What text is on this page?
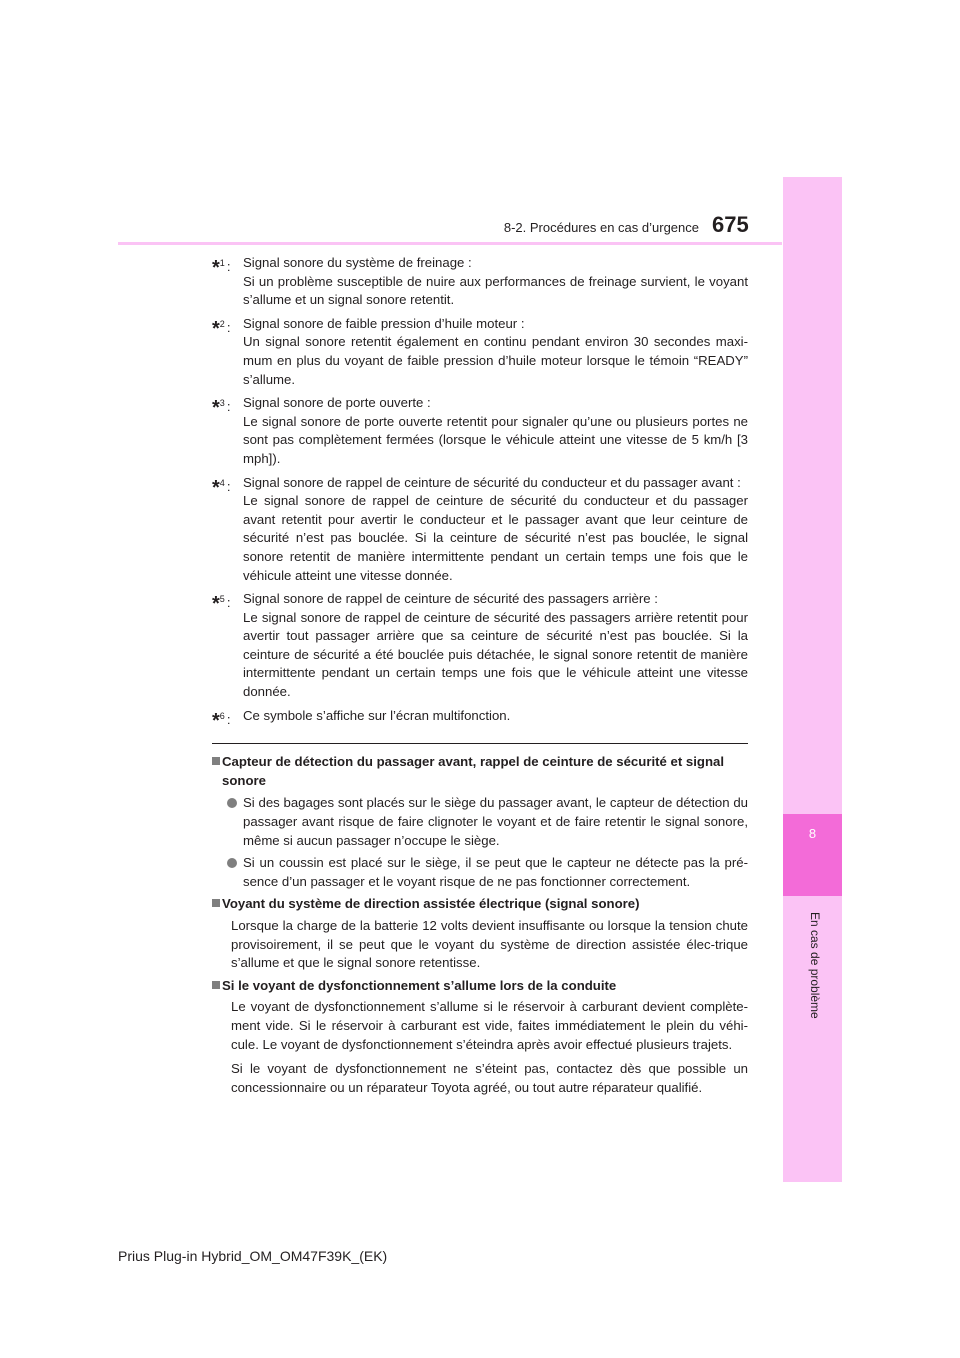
8
En cas de problème
8-2. Procédures en cas d’urgence 675
*$^1$ : Signal sonore du système de freinage :

Si un problème susceptible de nuire aux performances de freinage survient, le voyant s’allume et un signal sonore retentit.

*$^2$ : Signal sonore de faible pression d’huile moteur :

Un signal sonore retentit également en continu pendant environ 30 secondes maxi-mum en plus du voyant de faible pression d’huile moteur lorsque le témoin “READY” s’allume.

*$^3$ : Signal sonore de porte ouverte :

Le signal sonore de porte ouverte retentit pour signaler qu’une ou plusieurs portes ne sont pas complètement fermées (lorsque le véhicule atteint une vitesse de 5 km/h [3 mph]).

*$^4$ : Signal sonore de rappel de ceinture de sécurité du conducteur et du passager avant :

Le signal sonore de rappel de ceinture de sécurité du conducteur et du passager avant retentit pour avertir le conducteur et le passager avant que leur ceinture de sécurité n’est pas bouclée. Si la ceinture de sécurité n’est pas bouclée, le signal sonore retentit de manière intermittente pendant un certain temps une fois que le véhicule atteint une vitesse donnée.

*$^5$ : Signal sonore de rappel de ceinture de sécurité des passagers arrière :

Le signal sonore de rappel de ceinture de sécurité des passagers arrière retentit pour avertir tout passager arrière que sa ceinture de sécurité n’est pas bouclée. Si la ceinture de sécurité a été bouclée puis détachée, le signal sonore retentit de manière intermittente pendant un certain temps une fois que le véhicule atteint une vitesse donnée.

*$^6$ : Ce symbole s’affiche sur l’écran multifonction.

Capteur de détection du passager avant, rappel de ceinture de sécurité et signal sonore
Si des bagages sont placés sur le siège du passager avant, le capteur de détection du passager avant risque de faire clignoter le voyant et de faire retentir le signal sonore, même si aucun passager n’occupe le siège.
Si un coussin est placé sur le siège, il se peut que le capteur ne détecte pas la pré-sence d’un passager et le voyant risque de ne pas fonctionner correctement.
Voyant du système de direction assistée électrique (signal sonore)
Lorsque la charge de la batterie 12 volts devient insuffisante ou lorsque la tension chute provisoirement, il se peut que le voyant du système de direction assistée élec-trique s’allume et que le signal sonore retentisse.
Si le voyant de dysfonctionnement s’allume lors de la conduite
Le voyant de dysfonctionnement s’allume si le réservoir à carburant devient complète-ment vide. Si le réservoir à carburant est vide, faites immédiatement le plein du véhi-cule. Le voyant de dysfonctionnement s’éteindra après avoir effectué plusieurs trajets.
Si le voyant de dysfonctionnement ne s’éteint pas, contactez dès que possible un concessionnaire ou un réparateur Toyota agréé, ou tout autre réparateur qualifié.
Prius Plug-in Hybrid_OM_OM47F39K_(EK)
